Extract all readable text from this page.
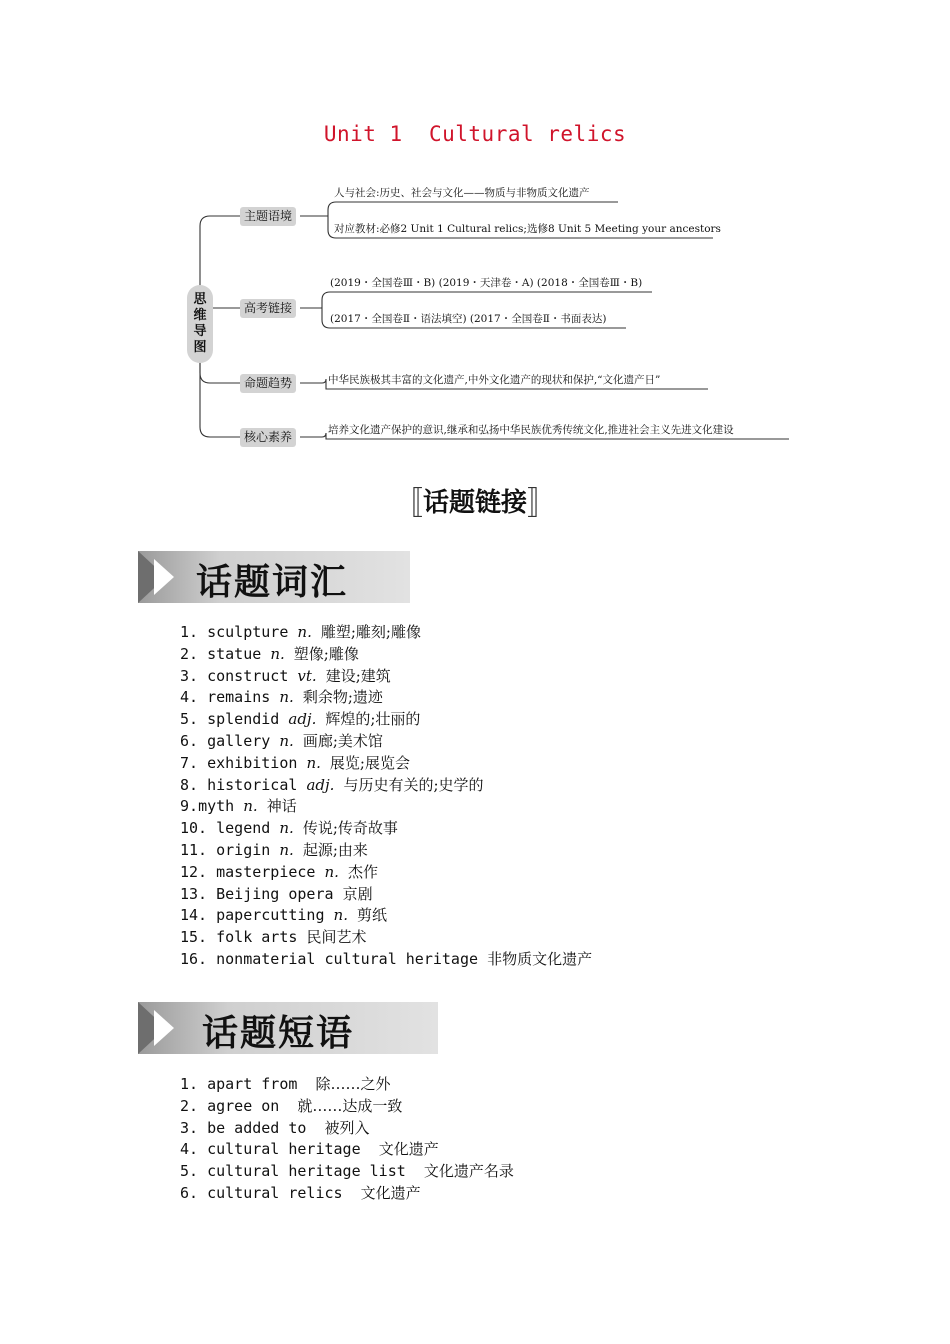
Unit 1  Cultural relics
思维导图
主题语境
高考链接
命题趋势
核心素养
人与社会:历史、社会与文化——物质与非物质文化遗产
对应教材:必修2 Unit 1 Cultural relics;选修8 Unit 5 Meeting your ancestors
(2019・全国卷Ⅲ・B) (2019・天津卷・A) (2018・全国卷Ⅲ・B)
(2017・全国卷Ⅱ・语法填空) (2017・全国卷Ⅱ・书面表达)
中华民族极其丰富的文化遗产,中外文化遗产的现状和保护,“文化遗产日”
培养文化遗产保护的意识,继承和弘扬中华民族优秀传统文化,推进社会主义先进文化建设
〚话题链接〛
话题词汇
1. sculpture n. 雕塑;雕刻;雕像
2. statue n. 塑像;雕像
3. construct vt. 建设;建筑
4. remains n. 剩余物;遗迹
5. splendid adj. 辉煌的;壮丽的
6. gallery n. 画廊;美术馆
7. exhibition n. 展览;展览会
8. historical adj. 与历史有关的;史学的
9.myth n. 神话
10. legend n. 传说;传奇故事
11. origin n. 起源;由来
12. masterpiece n. 杰作
13. Beijing opera 京剧
14. papercutting n. 剪纸
15. folk arts 民间艺术
16. nonmaterial cultural heritage 非物质文化遗产
话题短语
1. apart from 除……之外
2. agree on 就……达成一致
3. be added to 被列入
4. cultural heritage 文化遗产
5. cultural heritage list 文化遗产名录
6. cultural relics 文化遗产
